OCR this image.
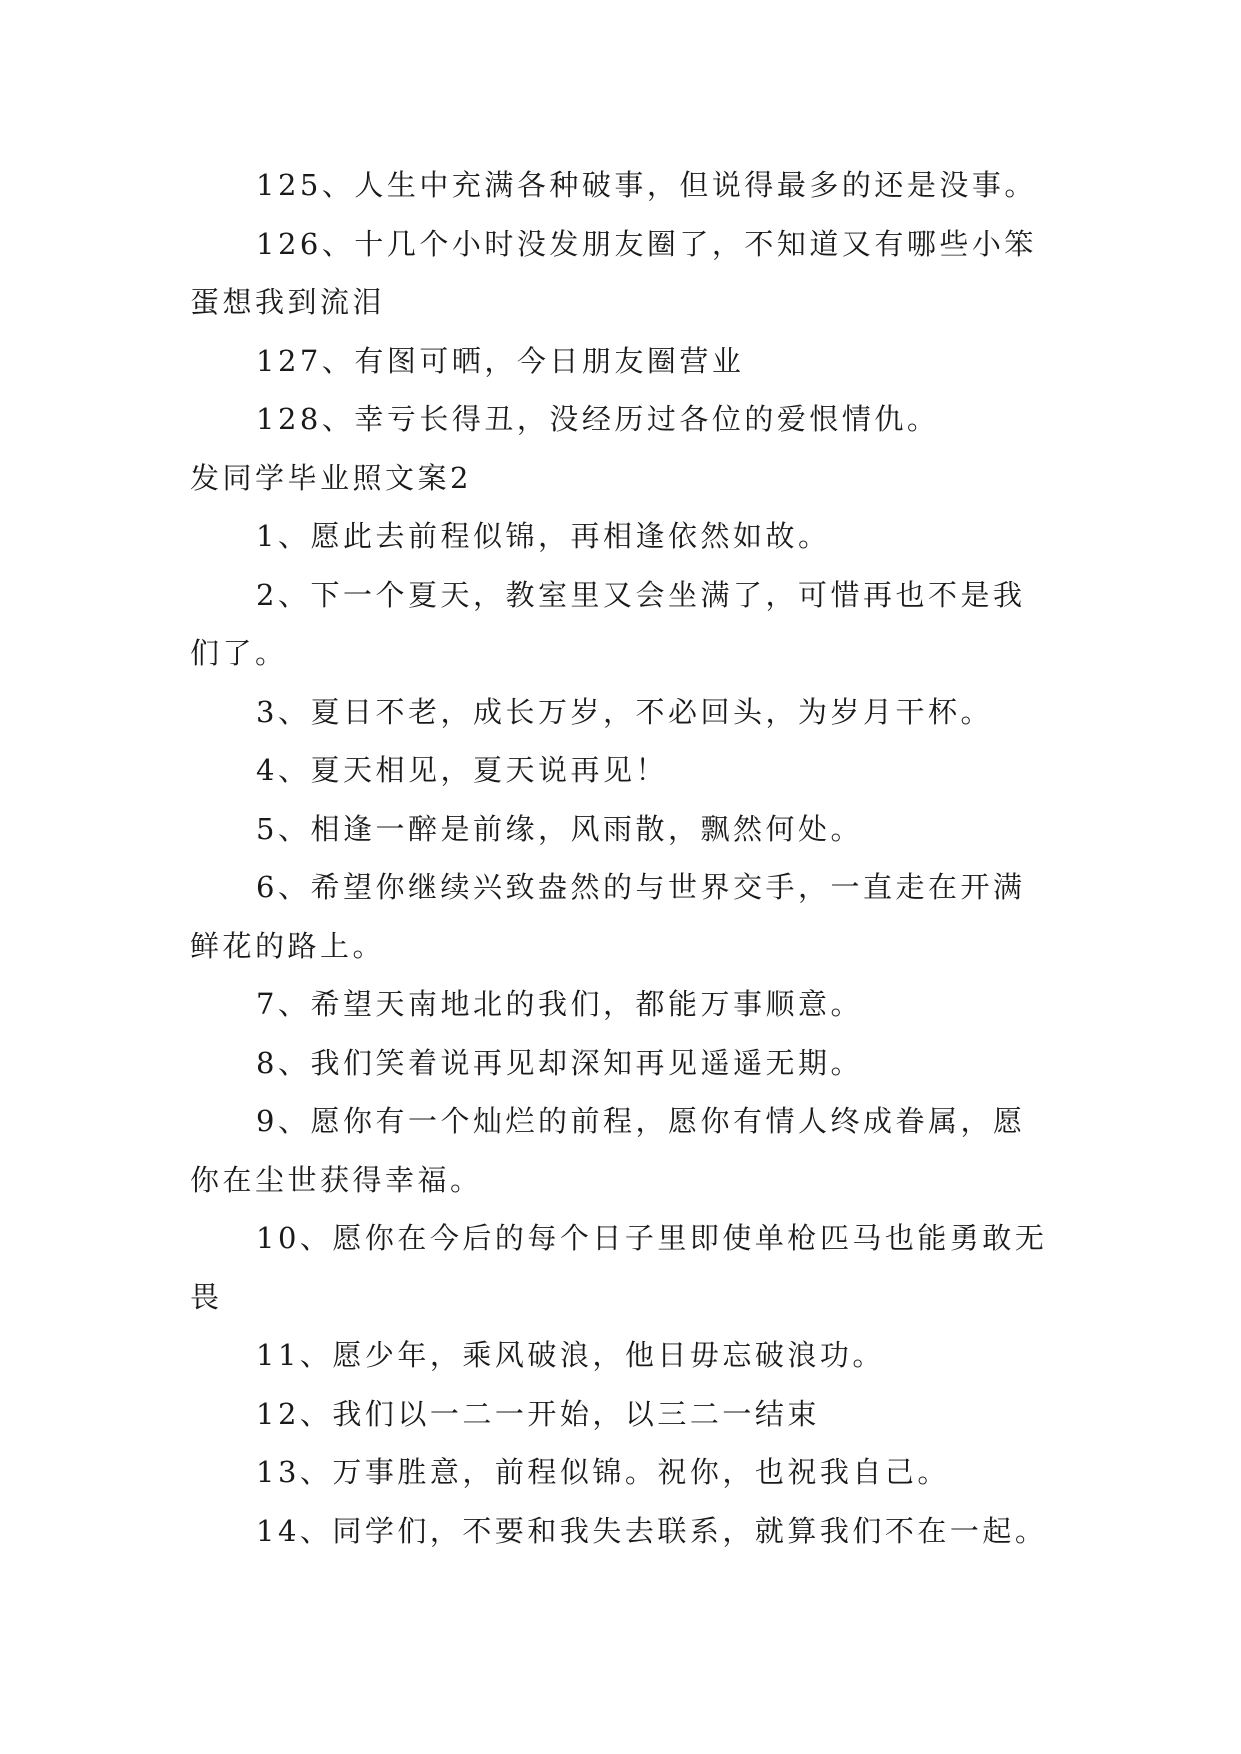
125、人生中充满各种破事，但说得最多的还是没事。
126、十几个小时没发朋友圈了，不知道又有哪些小笨
蛋想我到流泪
127、有图可晒，今日朋友圈营业
128、幸亏长得丑，没经历过各位的爱恨情仇。
发同学毕业照文案2
1、愿此去前程似锦，再相逢依然如故。
2、下一个夏天，教室里又会坐满了，可惜再也不是我
们了。
3、夏日不老，成长万岁，不必回头，为岁月干杯。
4、夏天相见，夏天说再见！
5、相逢一醉是前缘，风雨散，飘然何处。
6、希望你继续兴致盎然的与世界交手，一直走在开满
鲜花的路上。
7、希望天南地北的我们，都能万事顺意。
8、我们笑着说再见却深知再见遥遥无期。
9、愿你有一个灿烂的前程，愿你有情人终成眷属，愿
你在尘世获得幸福。
10、愿你在今后的每个日子里即使单枪匹马也能勇敢无
畏
11、愿少年，乘风破浪，他日毋忘破浪功。
12、我们以一二一开始，以三二一结束
13、万事胜意，前程似锦。祝你，也祝我自己。
14、同学们，不要和我失去联系，就算我们不在一起。
